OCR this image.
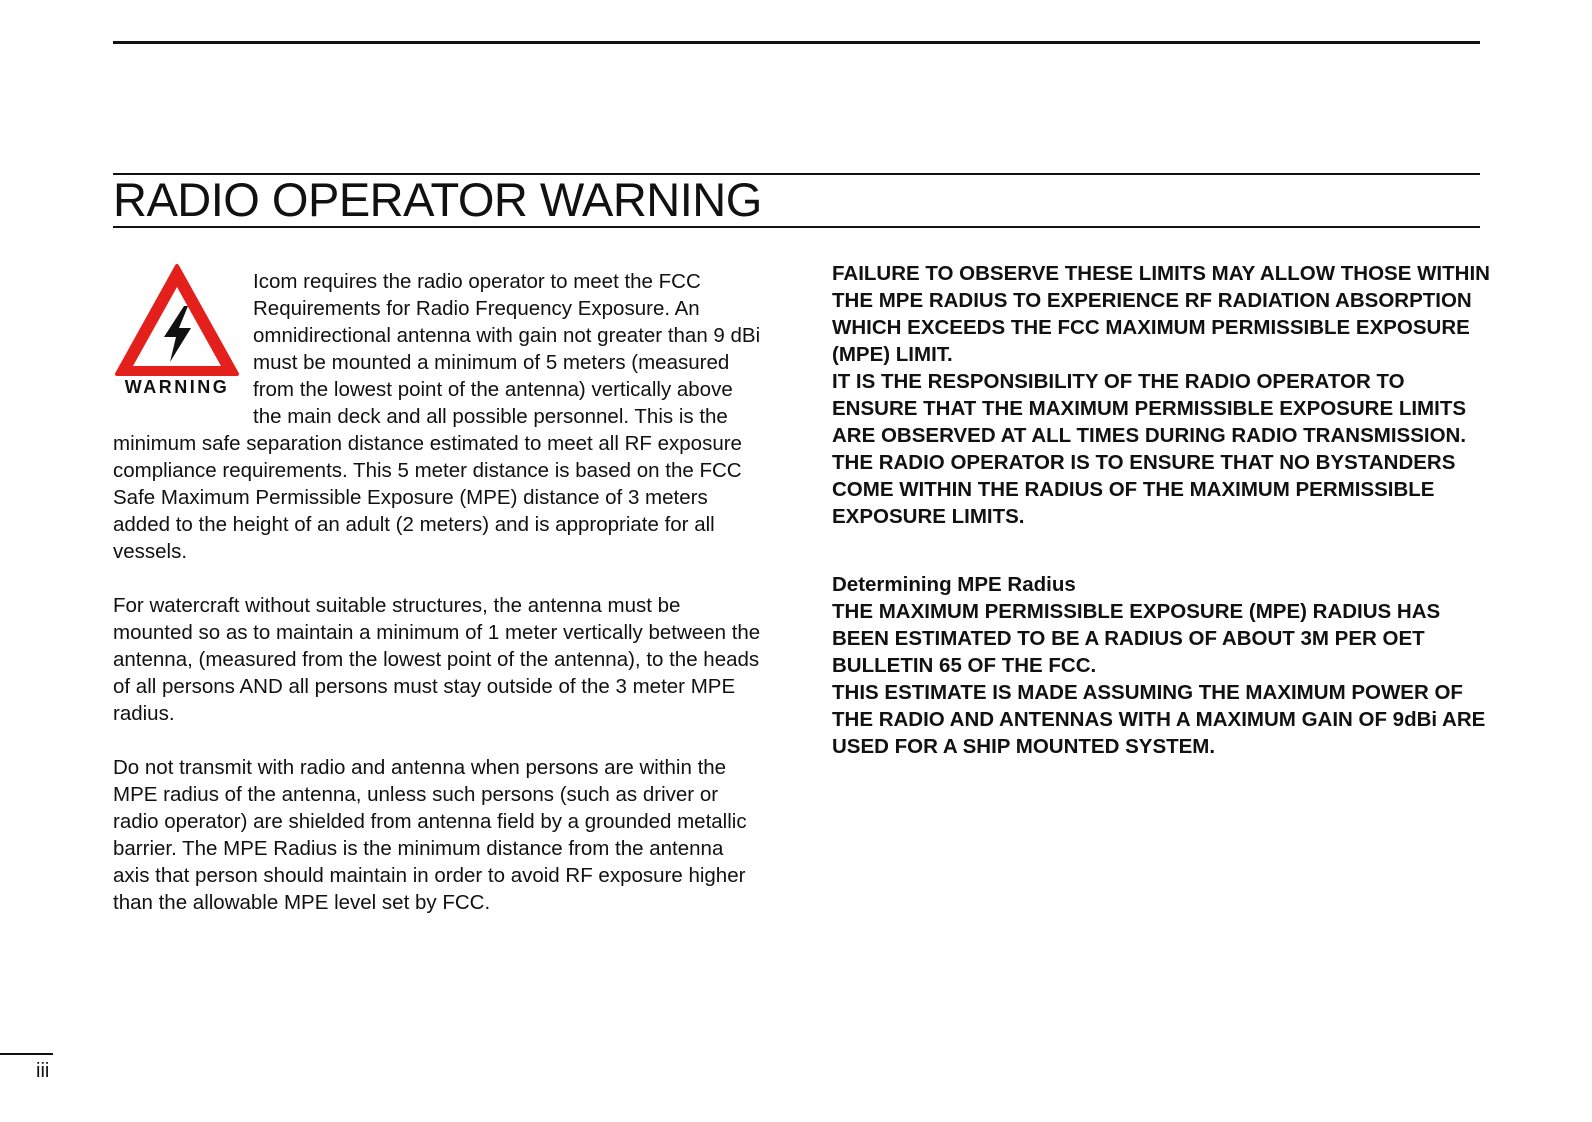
RADIO OPERATOR WARNING
WARNING

Icom requires the radio operator to meet the FCC Requirements for Radio Frequency Exposure. An omnidirectional antenna with gain not greater than 9 dBi must be mounted a minimum of 5 meters (measured from the lowest point of the antenna) vertically above the main deck and all possible personnel. This is the minimum safe separation distance estimated to meet all RF exposure compliance requirements. This 5 meter distance is based on the FCC Safe Maximum Permissible Exposure (MPE) distance of 3 meters added to the height of an adult (2 meters) and is appropriate for all vessels.

For watercraft without suitable structures, the antenna must be mounted so as to maintain a minimum of 1 meter vertically between the antenna, (measured from the lowest point of the antenna), to the heads of all persons AND all persons must stay outside of the 3 meter MPE radius.

Do not transmit with radio and antenna when persons are within the MPE radius of the antenna, unless such persons (such as driver or radio operator) are shielded from antenna field by a grounded metallic barrier. The MPE Radius is the minimum distance from the antenna axis that person should maintain in order to avoid RF exposure higher than the allowable MPE level set by FCC.

FAILURE TO OBSERVE THESE LIMITS MAY ALLOW THOSE WITHIN THE MPE RADIUS TO EXPERIENCE RF RADIATION ABSORPTION WHICH EXCEEDS THE FCC MAXIMUM PERMISSIBLE EXPOSURE (MPE) LIMIT.

IT IS THE RESPONSIBILITY OF THE RADIO OPERATOR TO ENSURE THAT THE MAXIMUM PERMISSIBLE EXPOSURE LIMITS ARE OBSERVED AT ALL TIMES DURING RADIO TRANSMISSION. THE RADIO OPERATOR IS TO ENSURE THAT NO BYSTANDERS COME WITHIN THE RADIUS OF THE MAXIMUM PERMISSIBLE EXPOSURE LIMITS.

Determining MPE Radius

THE MAXIMUM PERMISSIBLE EXPOSURE (MPE) RADIUS HAS BEEN ESTIMATED TO BE A RADIUS OF ABOUT 3M PER OET BULLETIN 65 OF THE FCC.

THIS ESTIMATE IS MADE ASSUMING THE MAXIMUM POWER OF THE RADIO AND ANTENNAS WITH A MAXIMUM GAIN OF 9dBi ARE USED FOR A SHIP MOUNTED SYSTEM.

iii
